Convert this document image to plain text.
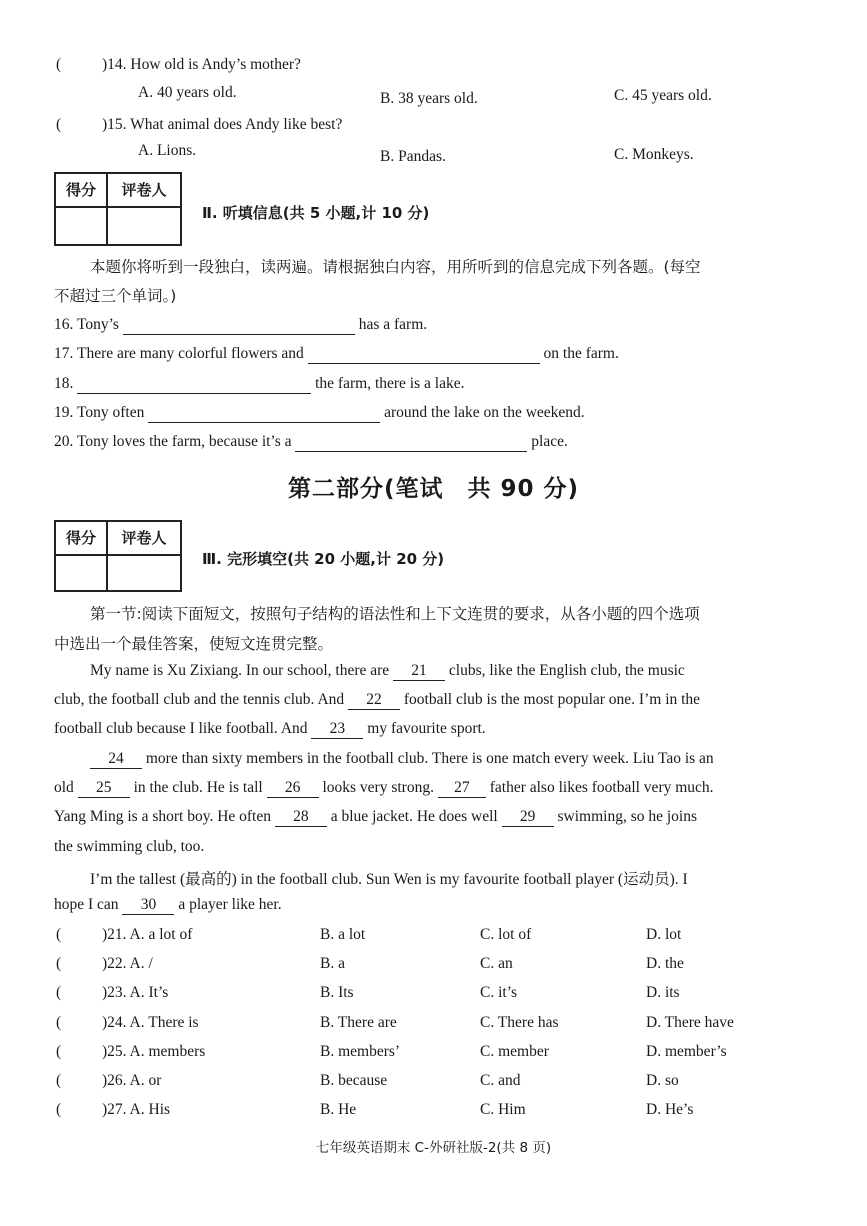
(	)14. How old is Andy’s mother?
A. 40 years old.	B. 38 years old.	C. 45 years old.
(	)15. What animal does Andy like best?
A. Lions.	B. Pandas.	C. Monkeys.
得分	评卷人
Ⅱ. 听填信息(共 5 小题,计 10 分)
本题你将听到一段独白，读两遍。请根据独白内容，用所听到的信息完成下列各题。(每空
不超过三个单词。)
16. Tony’s	has a farm.
17. There are many colorful flowers and	on the farm.
18.	the farm, there is a lake.
19. Tony often	around the lake on the weekend.
20. Tony loves the farm, because it’s a	place.
第二部分(笔试　共 90 分)
得分	评卷人
Ⅲ. 完形填空(共 20 小题,计 20 分)
第一节:阅读下面短文，按照句子结构的语法性和上下文连贯的要求，从各小题的四个选项
中选出一个最佳答案，使短文连贯完整。
My name is Xu Zixiang. In our school, there are 21 clubs, like the English club, the music
club, the football club and the tennis club. And 22 football club is the most popular one. I’m in the
football club because I like football. And 23 my favourite sport.
24 more than sixty members in the football club. There is one match every week. Liu Tao is an
old 25 in the club. He is tall 26 looks very strong. 27 father also likes football very much.
Yang Ming is a short boy. He often 28 a blue jacket. He does well 29 swimming, so he joins
the swimming club, too.
I’m the tallest (最高的) in the football club. Sun Wen is my favourite football player (运动员). I
hope I can 30 a player like her.
(	)21. A. a lot of	B. a lot	C. lot of	D. lot
(	)22. A. /	B. a	C. an	D. the
(	)23. A. It’s	B. Its	C. it’s	D. its
(	)24. A. There is	B. There are	C. There has	D. There have
(	)25. A. members	B. members’	C. member	D. member’s
(	)26. A. or	B. because	C. and	D. so
(	)27. A. His	B. He	C. Him	D. He’s
七年级英语期末 C-外研社版-2(共 8 页)
